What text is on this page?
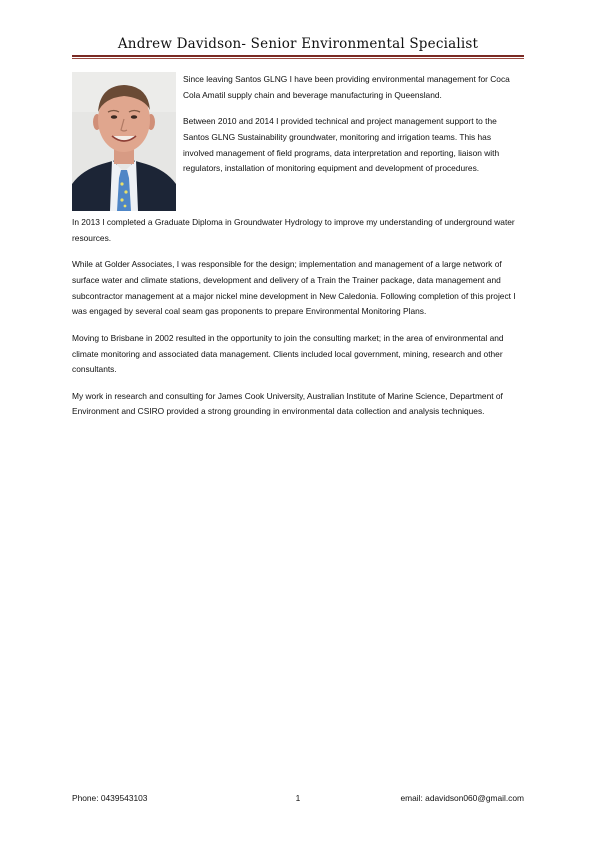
Andrew Davidson- Senior Environmental Specialist

Since leaving Santos GLNG I have been providing environmental management for Coca Cola Amatil supply chain and beverage manufacturing in Queensland.

Between 2010 and 2014 I provided technical and project management support to the Santos GLNG Sustainability groundwater, monitoring and irrigation teams. This has involved management of field programs, data interpretation and reporting, liaison with regulators, installation of monitoring equipment and development of procedures.

In 2013 I completed a Graduate Diploma in Groundwater Hydrology to improve my understanding of underground water resources.

While at Golder Associates, I was responsible for the design; implementation and management of a large network of surface water and climate stations, development and delivery of a Train the Trainer package, data management and subcontractor management at a major nickel mine development in New Caledonia. Following completion of this project I was engaged by several coal seam gas proponents to prepare Environmental Monitoring Plans.

Moving to Brisbane in 2002 resulted in the opportunity to join the consulting market; in the area of environmental and climate monitoring and associated data management. Clients included local government, mining, research and other consultants.

My work in research and consulting for James Cook University, Australian Institute of Marine Science, Department of Environment and CSIRO provided a strong grounding in environmental data collection and analysis techniques.

Phone: 0439543103	1	email: adavidson060@gmail.com
